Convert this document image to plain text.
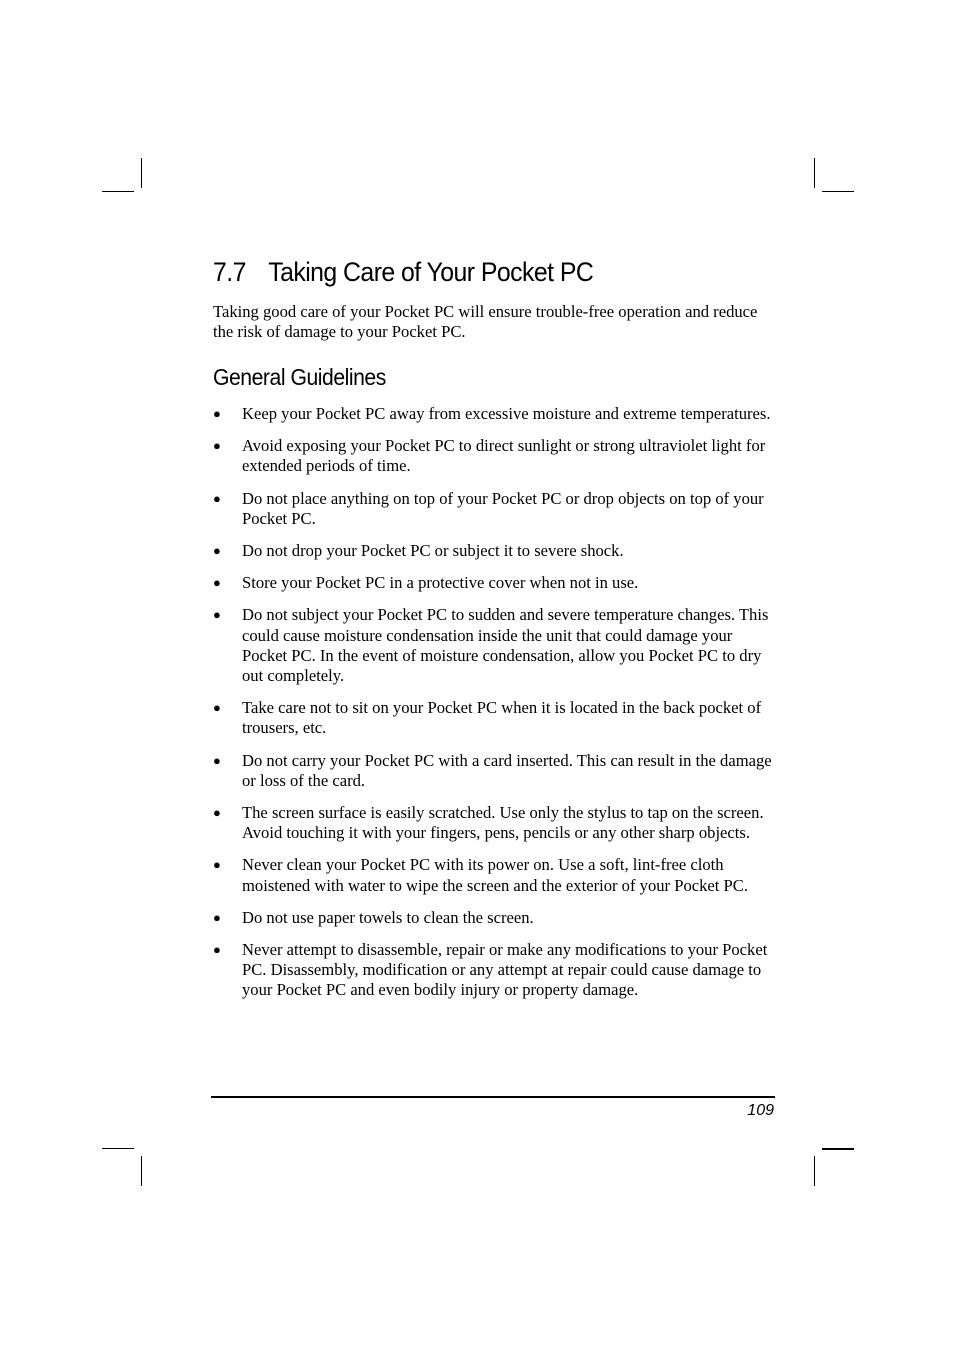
7.7 Taking Care of Your Pocket PC

Taking good care of your Pocket PC will ensure trouble-free operation and reduce the risk of damage to your Pocket PC.

General Guidelines
● Keep your Pocket PC away from excessive moisture and extreme temperatures.
● Avoid exposing your Pocket PC to direct sunlight or strong ultraviolet light for extended periods of time.
● Do not place anything on top of your Pocket PC or drop objects on top of your Pocket PC.
● Do not drop your Pocket PC or subject it to severe shock.
● Store your Pocket PC in a protective cover when not in use.
● Do not subject your Pocket PC to sudden and severe temperature changes. This could cause moisture condensation inside the unit that could damage your Pocket PC. In the event of moisture condensation, allow you Pocket PC to dry out completely.
● Take care not to sit on your Pocket PC when it is located in the back pocket of trousers, etc.
● Do not carry your Pocket PC with a card inserted. This can result in the damage or loss of the card.
● The screen surface is easily scratched. Use only the stylus to tap on the screen. Avoid touching it with your fingers, pens, pencils or any other sharp objects.
● Never clean your Pocket PC with its power on. Use a soft, lint-free cloth moistened with water to wipe the screen and the exterior of your Pocket PC.
● Do not use paper towels to clean the screen.
● Never attempt to disassemble, repair or make any modifications to your Pocket PC. Disassembly, modification or any attempt at repair could cause damage to your Pocket PC and even bodily injury or property damage.
109
